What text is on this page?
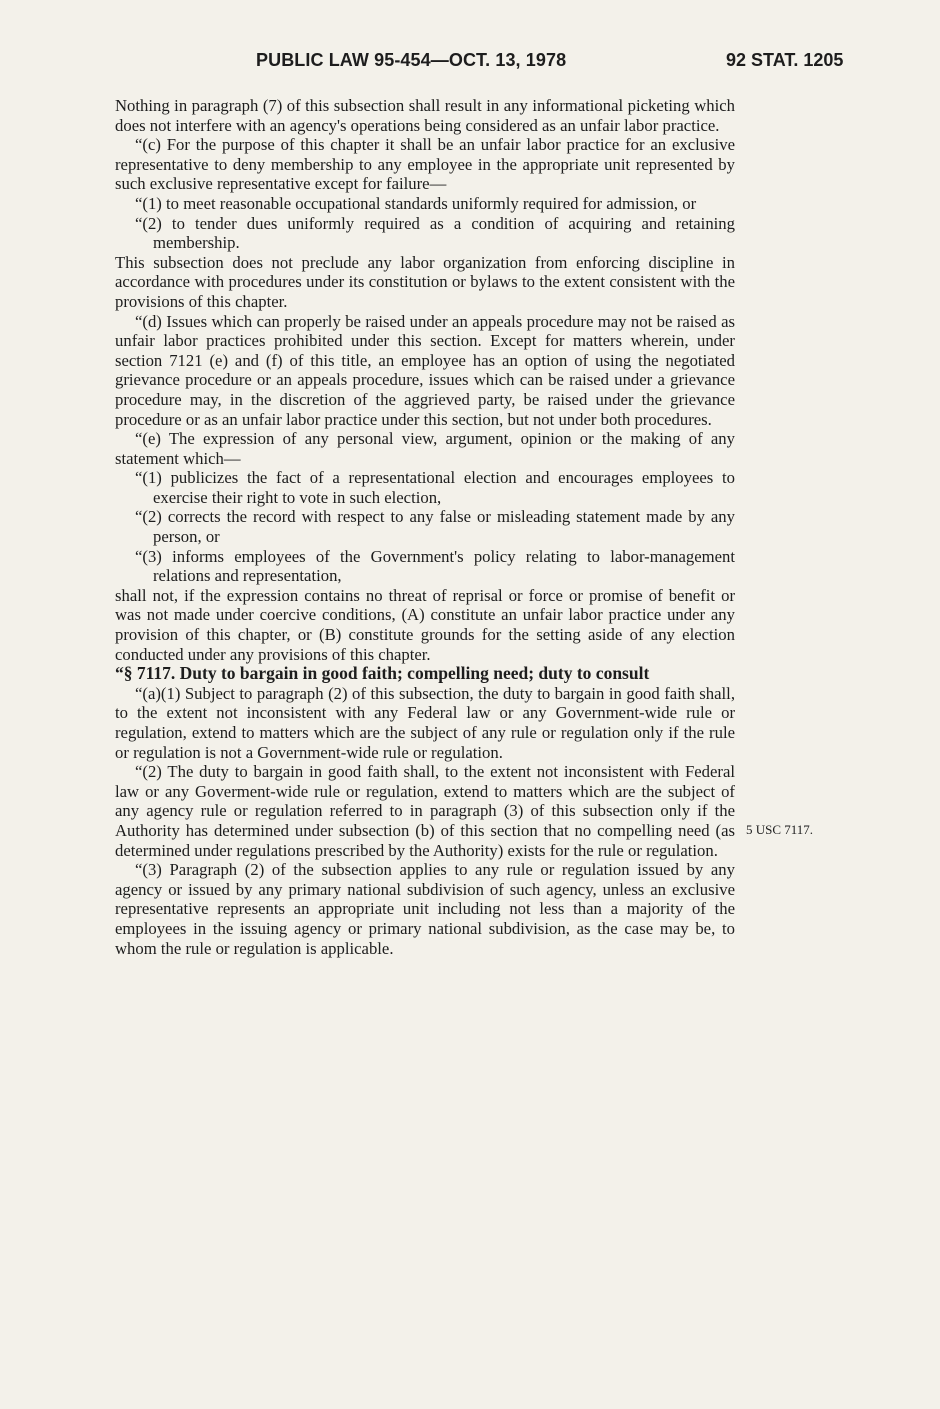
PUBLIC LAW 95-454—OCT. 13, 1978	92 STAT. 1205
5 USC 7117.

Nothing in paragraph (7) of this subsection shall result in any informational picketing which does not interfere with an agency's operations being considered as an unfair labor practice.

“(c) For the purpose of this chapter it shall be an unfair labor practice for an exclusive representative to deny membership to any employee in the appropriate unit represented by such exclusive representative except for failure—

“(1) to meet reasonable occupational standards uniformly required for admission, or

“(2) to tender dues uniformly required as a condition of acquiring and retaining membership.

This subsection does not preclude any labor organization from enforcing discipline in accordance with procedures under its constitution or bylaws to the extent consistent with the provisions of this chapter.

“(d) Issues which can properly be raised under an appeals procedure may not be raised as unfair labor practices prohibited under this section. Except for matters wherein, under section 7121 (e) and (f) of this title, an employee has an option of using the negotiated grievance procedure or an appeals procedure, issues which can be raised under a grievance procedure may, in the discretion of the aggrieved party, be raised under the grievance procedure or as an unfair labor practice under this section, but not under both procedures.

“(e) The expression of any personal view, argument, opinion or the making of any statement which—

“(1) publicizes the fact of a representational election and encourages employees to exercise their right to vote in such election,

“(2) corrects the record with respect to any false or misleading statement made by any person, or

“(3) informs employees of the Government's policy relating to labor-management relations and representation,

shall not, if the expression contains no threat of reprisal or force or promise of benefit or was not made under coercive conditions, (A) constitute an unfair labor practice under any provision of this chapter, or (B) constitute grounds for the setting aside of any election conducted under any provisions of this chapter.

“§ 7117. Duty to bargain in good faith; compelling need; duty to consult

“(a)(1) Subject to paragraph (2) of this subsection, the duty to bargain in good faith shall, to the extent not inconsistent with any Federal law or any Government-wide rule or regulation, extend to matters which are the subject of any rule or regulation only if the rule or regulation is not a Government-wide rule or regulation.

“(2) The duty to bargain in good faith shall, to the extent not inconsistent with Federal law or any Goverment-wide rule or regulation, extend to matters which are the subject of any agency rule or regulation referred to in paragraph (3) of this subsection only if the Authority has determined under subsection (b) of this section that no compelling need (as determined under regulations prescribed by the Authority) exists for the rule or regulation.

“(3) Paragraph (2) of the subsection applies to any rule or regulation issued by any agency or issued by any primary national subdivision of such agency, unless an exclusive representative represents an appropriate unit including not less than a majority of the employees in the issuing agency or primary national subdivision, as the case may be, to whom the rule or regulation is applicable.
